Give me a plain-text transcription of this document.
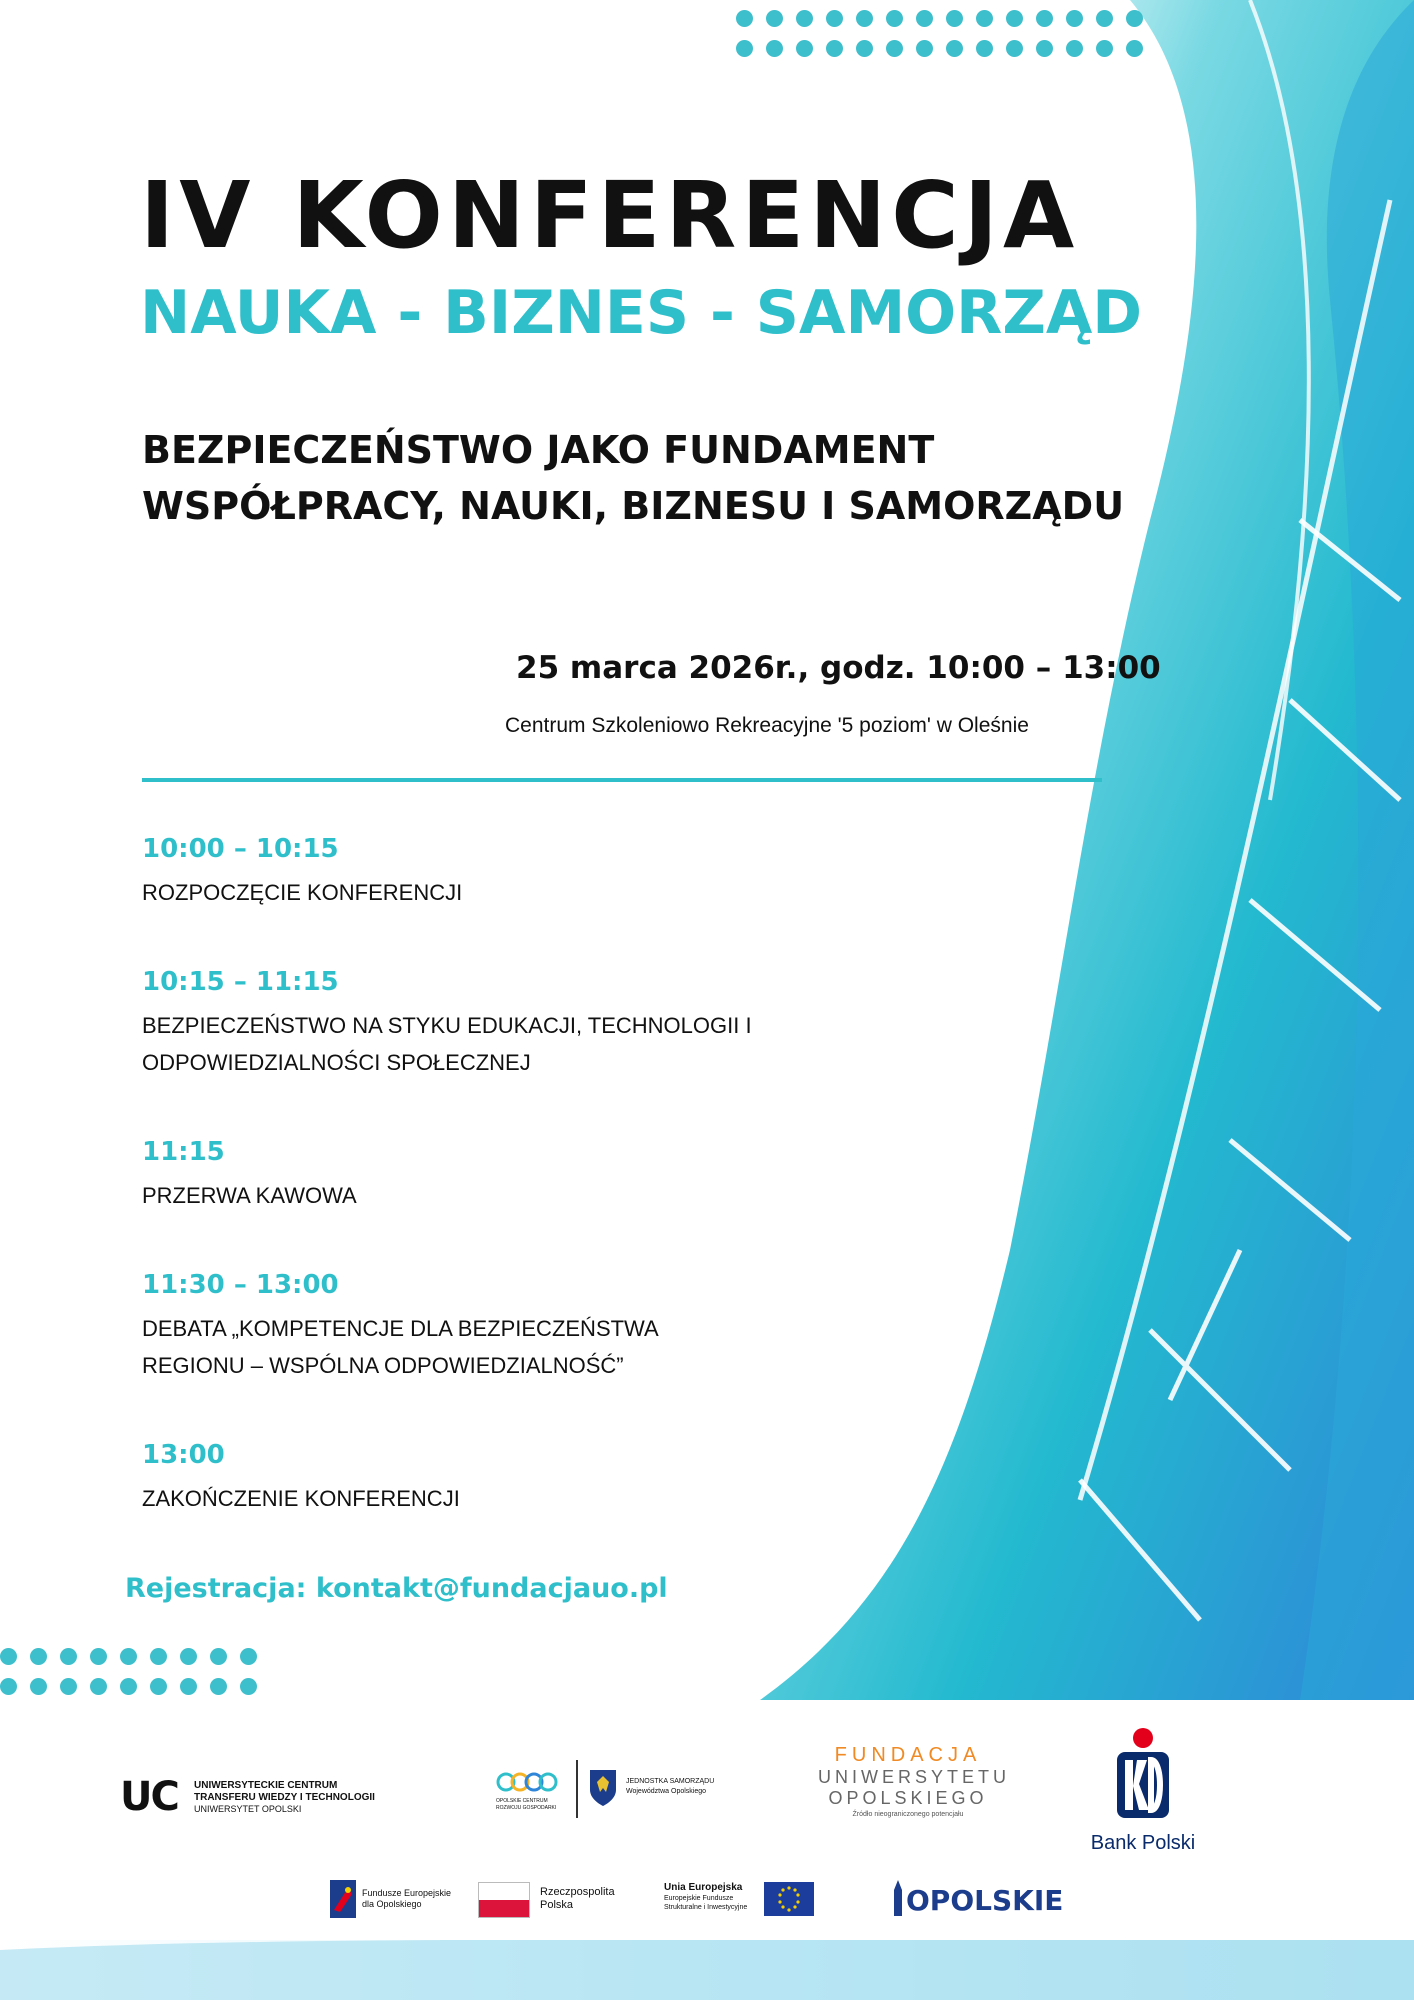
IV KONFERENCJA
NAUKA - BIZNES - SAMORZĄD
BEZPIECZEŃSTWO JAKO FUNDAMENT
WSPÓŁPRACY, NAUKI, BIZNESU I SAMORZĄDU
25 marca 2026r., godz. 10:00 – 13:00
Centrum Szkoleniowo Rekreacyjne '5 poziom' w Oleśnie
10:00 – 10:15
ROZPOCZĘCIE KONFERENCJI
10:15 – 11:15
BEZPIECZEŃSTWO NA STYKU EDUKACJI, TECHNOLOGII I
ODPOWIEDZIALNOŚCI SPOŁECZNEJ
11:15
PRZERWA KAWOWA
11:30 – 13:00
DEBATA „KOMPETENCJE DLA BEZPIECZEŃSTWA
REGIONU – WSPÓLNA ODPOWIEDZIALNOŚĆ”
13:00
ZAKOŃCZENIE KONFERENCJI
Rejestracja: kontakt@fundacjauo.pl
UC UNIWERSYTECKIE CENTRUM
TRANSFERU WIEDZY I TECHNOLOGII
UNIWERSYTET OPOLSKI
OPOLSKIE CENTRUM
ROZWOJU GOSPODARKI
JEDNOSTKA SAMORZĄDU
Województwa Opolskiego
FUNDACJA
UNIWERSYTETU
OPOLSKIEGO
Źródło nieograniczonego potencjału
Bank Polski
Fundusze Europejskie
dla Opolskiego
Rzeczpospolita
Polska
Unia Europejska
Europejskie Fundusze
Strukturalne i Inwestycyjne	OPOLSKIE
